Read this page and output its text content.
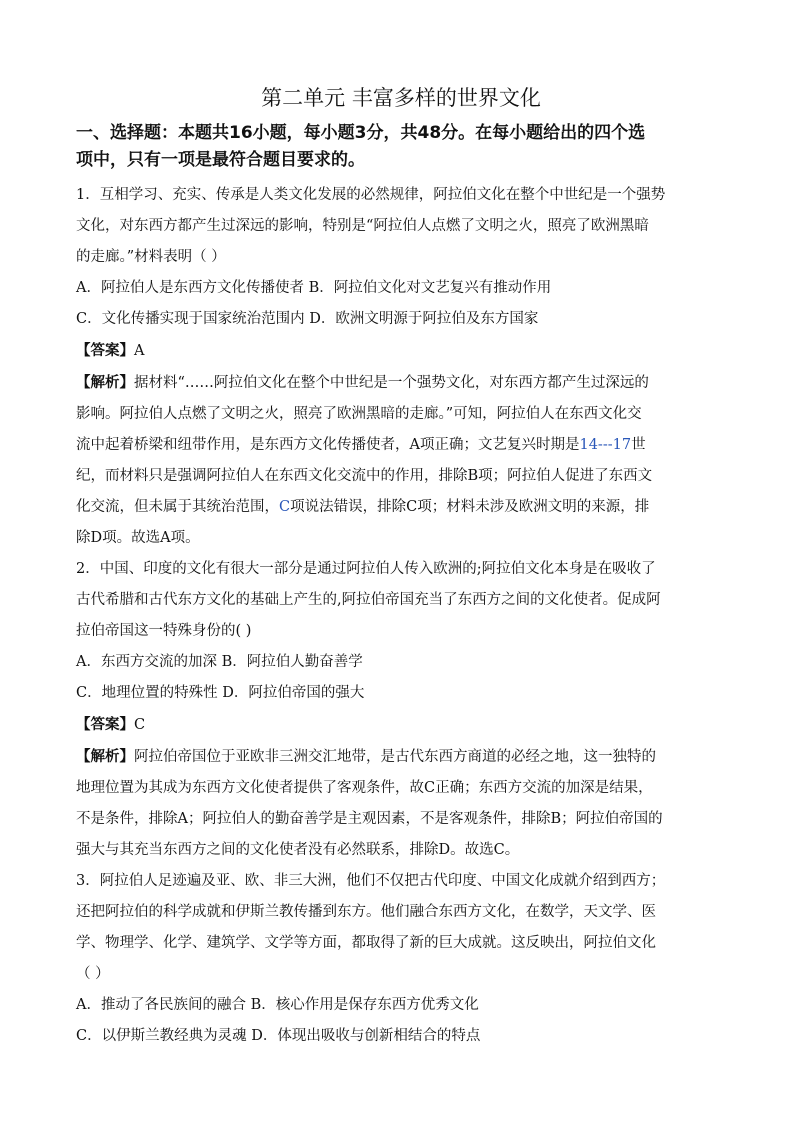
第二单元 丰富多样的世界文化
一、选择题：本题共16小题，每小题3分，共48分。在每小题给出的四个选
项中，只有一项是最符合题目要求的。

1．互相学习、充实、传承是人类文化发展的必然规律，阿拉伯文化在整个中世纪是一个强势

文化，对东西方都产生过深远的影响，特别是“阿拉伯人点燃了文明之火，照亮了欧洲黑暗

的走廊。”材料表明（ ）

A．阿拉伯人是东西方文化传播使者 B．阿拉伯文化对文艺复兴有推动作用

C．文化传播实现于国家统治范围内 D．欧洲文明源于阿拉伯及东方国家

【答案】A

【解析】据材料“……阿拉伯文化在整个中世纪是一个强势文化，对东西方都产生过深远的

影响。阿拉伯人点燃了文明之火，照亮了欧洲黑暗的走廊。”可知，阿拉伯人在东西文化交

流中起着桥梁和纽带作用，是东西方文化传播使者，A项正确；文艺复兴时期是14---17世

纪，而材料只是强调阿拉伯人在东西文化交流中的作用，排除B项；阿拉伯人促进了东西文

化交流，但未属于其统治范围，C项说法错误，排除C项；材料未涉及欧洲文明的来源，排

除D项。故选A项。

2．中国、印度的文化有很大一部分是通过阿拉伯人传入欧洲的;阿拉伯文化本身是在吸收了

古代希腊和古代东方文化的基础上产生的,阿拉伯帝国充当了东西方之间的文化使者。促成阿

拉伯帝国这一特殊身份的( )

A．东西方交流的加深 B．阿拉伯人勤奋善学

C．地理位置的特殊性 D．阿拉伯帝国的强大

【答案】C

【解析】阿拉伯帝国位于亚欧非三洲交汇地带，是古代东西方商道的必经之地，这一独特的

地理位置为其成为东西方文化使者提供了客观条件，故C正确；东西方交流的加深是结果，

不是条件，排除A；阿拉伯人的勤奋善学是主观因素，不是客观条件，排除B；阿拉伯帝国的

强大与其充当东西方之间的文化使者没有必然联系，排除D。故选C。

3．阿拉伯人足迹遍及亚、欧、非三大洲，他们不仅把古代印度、中国文化成就介绍到西方；

还把阿拉伯的科学成就和伊斯兰教传播到东方。他们融合东西方文化，在数学，天文学、医

学、物理学、化学、建筑学、文学等方面，都取得了新的巨大成就。这反映出，阿拉伯文化

（ ）

A．推动了各民族间的融合 B．核心作用是保存东西方优秀文化

C．以伊斯兰教经典为灵魂 D．体现出吸收与创新相结合的特点
